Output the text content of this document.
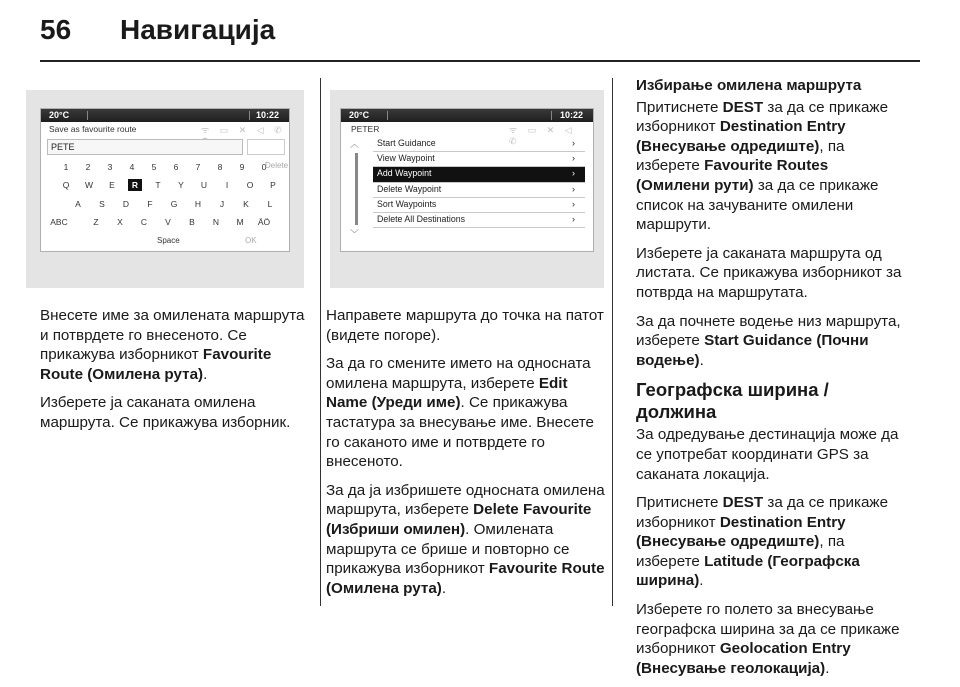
56 Навигација
20°C	10:22
Save as favourite route	ᯤ ▭ ✕ ◁ ✆
PETE
1	2	3	4	5	6	7	8	9	0
Q	W	E	R	T	Y	U	I	O	P
A	S	D	F	G	H	J	K	L
ABC	Z	X	C	V	B	N	M	ÄÖ
Delete
Space	OK
20°C	10:22
PETER	ᯤ ▭ ✕ ◁ ✆
︿
﹀
Start Guidance	›
View Waypoint	›
Add Waypoint	›
Delete Waypoint	›
Sort Waypoints	›
Delete All Destinations	›

Внесете име за омилената маршрута и потврдете го внесеното. Се прикажува изборникот Favourite Route (Омилена рута).

Изберете ја саканата омилена маршрута. Се прикажува изборник.

Направете маршрута до точка на патот (видете погоре).

За да го смените името на односната омилена маршрута, изберете Edit Name (Уреди име). Се прикажува тастатура за внесување име. Внесете го саканото име и потврдете го внесеното.

За да ја избришете односната омилена маршрута, изберете Delete Favourite (Избриши омилен). Омилената маршрута се брише и повторно се прикажува изборникот Favourite Route (Омилена рута).

Избирање омилена маршрута

Притиснете DEST за да се прикаже изборникот Destination Entry (Внесување одредиште), па изберете Favourite Routes (Омилени рути) за да се прикаже список на зачуваните омилени маршрути.

Изберете ја саканата маршрута од листата. Се прикажува изборникот за потврда на маршрутата.

За да почнете водење низ маршрута, изберете Start Guidance (Почни водење).

Географска ширина / должина

За одредување дестинација може да се употребат координати GPS за саканата локација.

Притиснете DEST за да се прикаже изборникот Destination Entry (Внесување одредиште), па изберете Latitude (Географска ширина).

Изберете го полето за внесување географска ширина за да се прикаже изборникот Geolocation Entry (Внесување геолокација).
